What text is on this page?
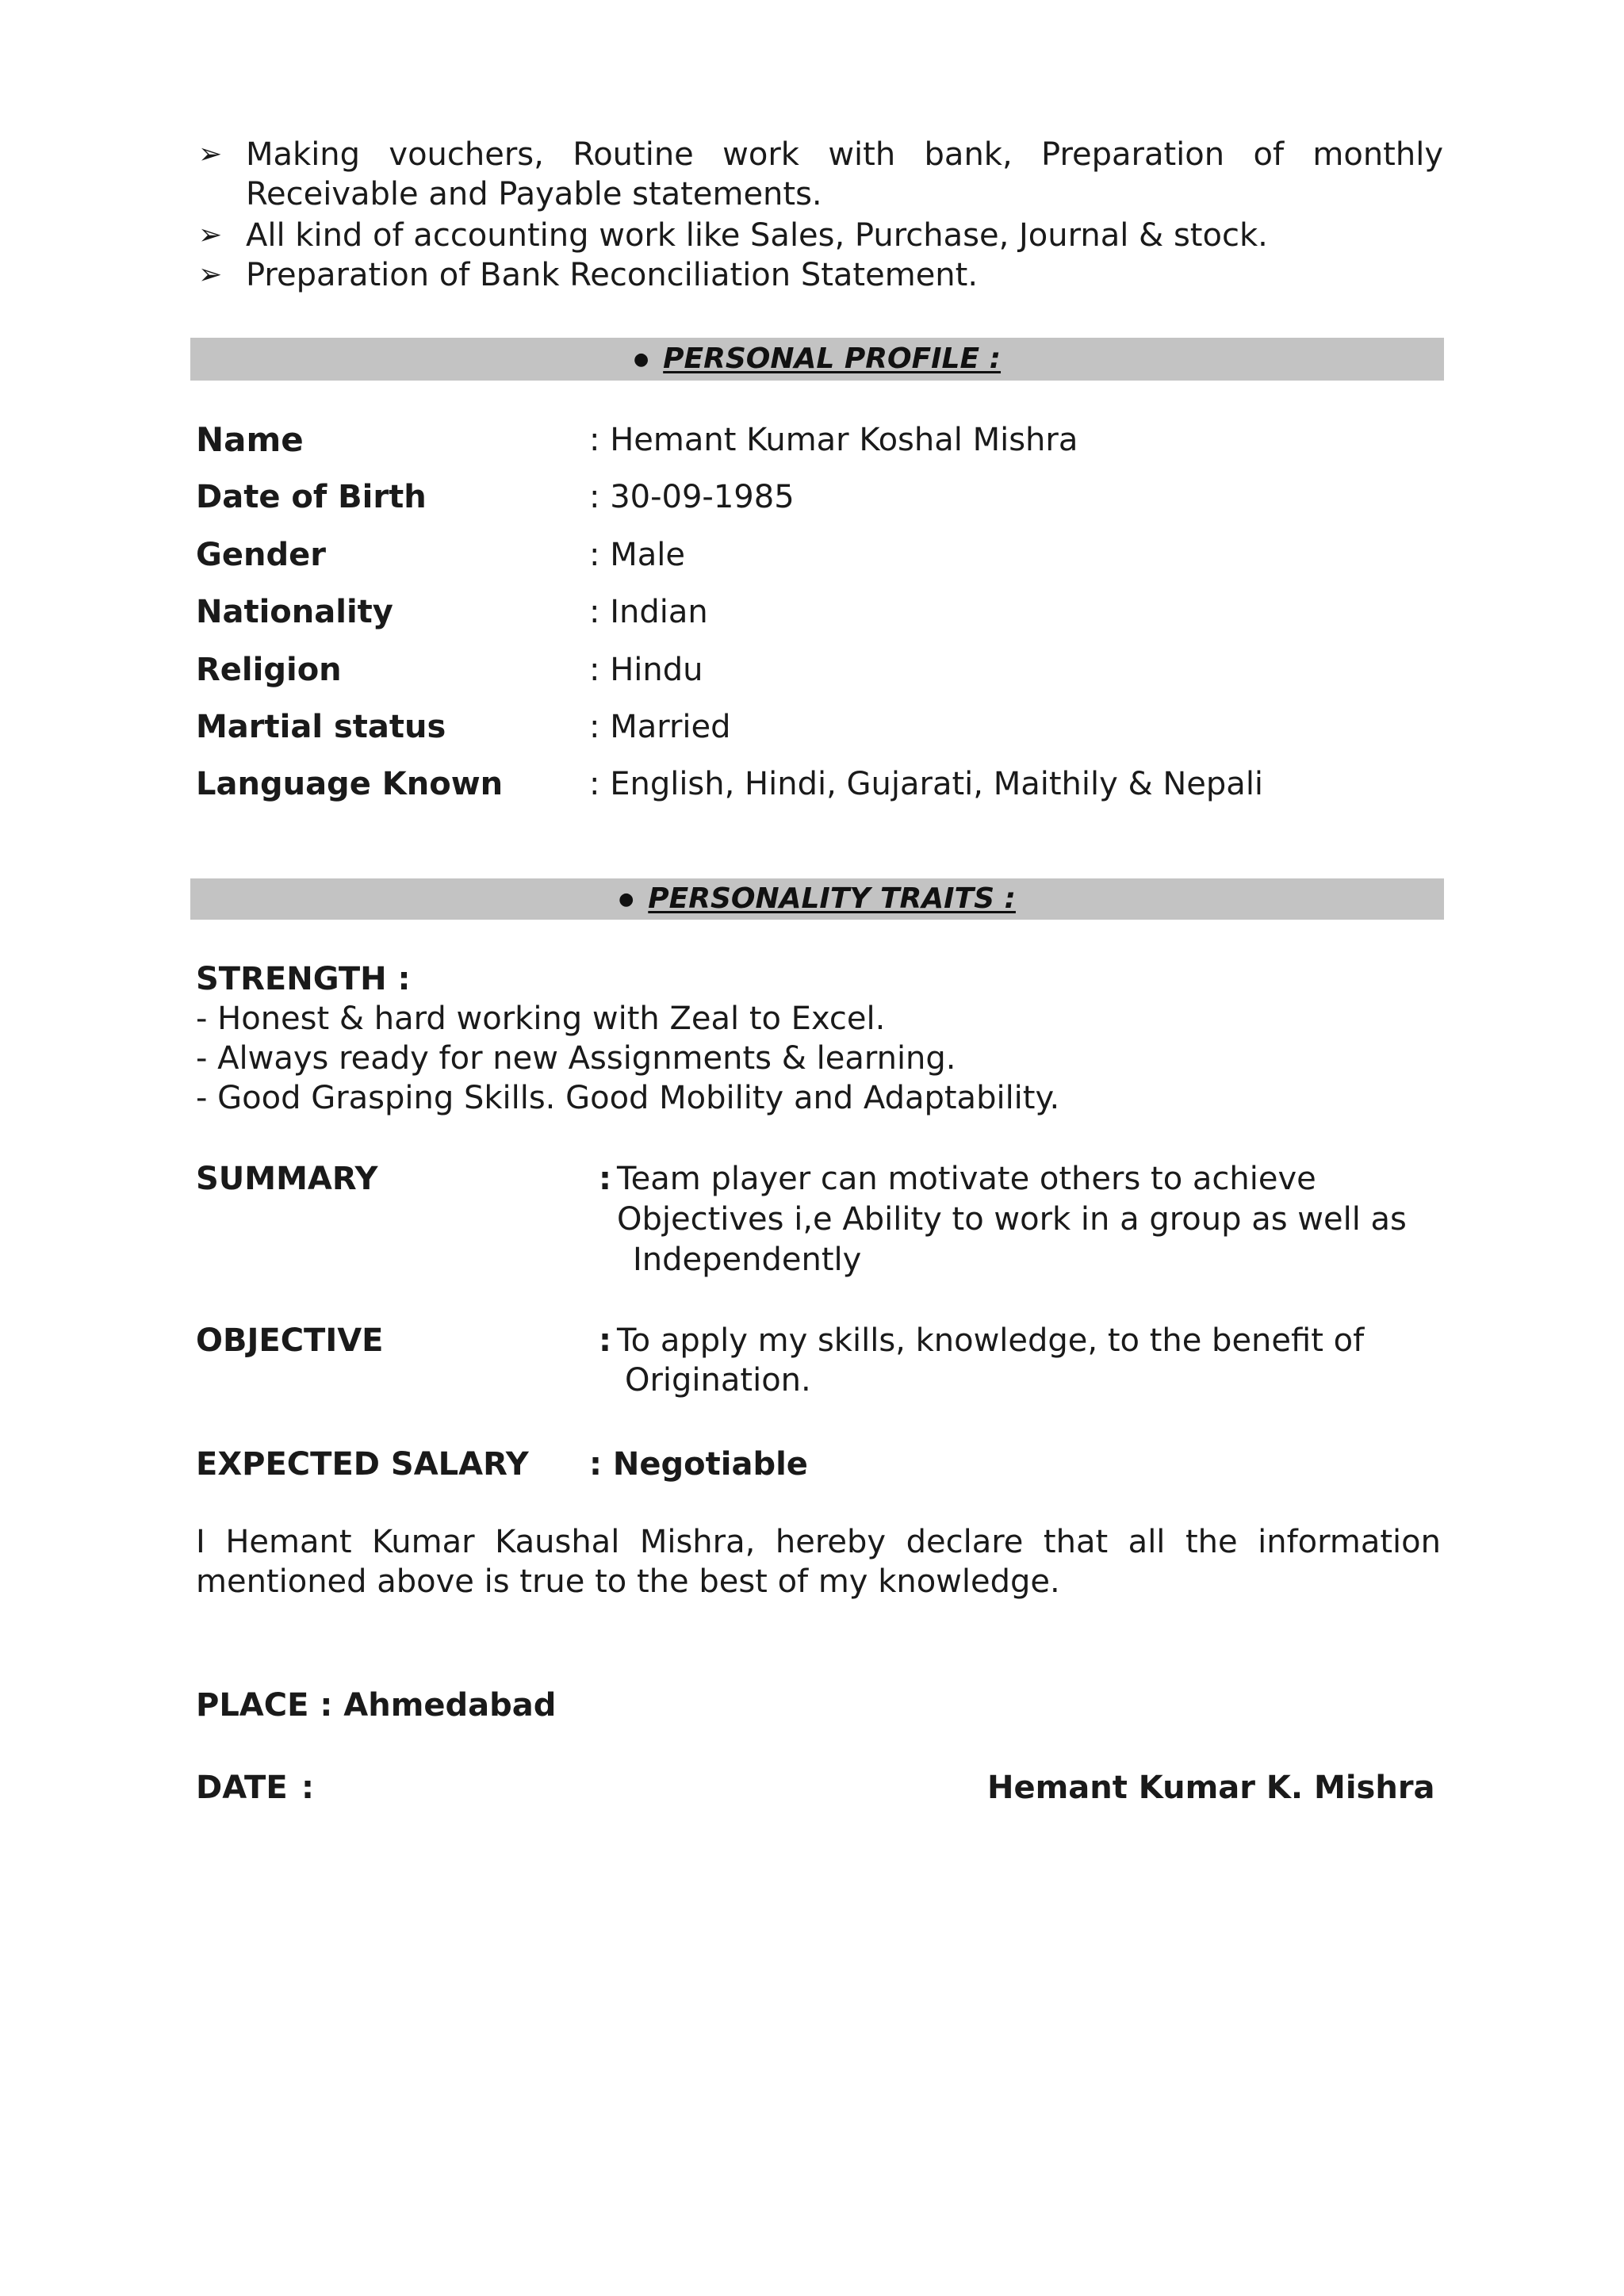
➢ Making vouchers, Routine work with bank, Preparation of monthly
Receivable and Payable statements.
➢ All kind of accounting work like Sales, Purchase, Journal & stock.
➢ Preparation of Bank Reconciliation Statement.
● PERSONAL PROFILE :
Name	: Hemant Kumar Koshal Mishra
Date of Birth	: 30-09-1985
Gender	: Male
Nationality	: Indian
Religion	: Hindu
Martial status	: Married
Language Known	: English, Hindi, Gujarati, Maithily & Nepali
● PERSONALITY TRAITS :
STRENGTH :
- Honest & hard working with Zeal to Excel.
- Always ready for new Assignments & learning.
- Good Grasping Skills. Good Mobility and Adaptability.
SUMMARY	: Team player can motivate others to achieve
Objectives i,e Ability to work in a group as well as
Independently
OBJECTIVE	: To apply my skills, knowledge, to the benefit of
Origination.
EXPECTED SALARY : Negotiable
I Hemant Kumar Kaushal Mishra, hereby declare that all the information
mentioned above is true to the best of my knowledge.
PLACE : Ahmedabad
DATE :	Hemant Kumar K. Mishra
